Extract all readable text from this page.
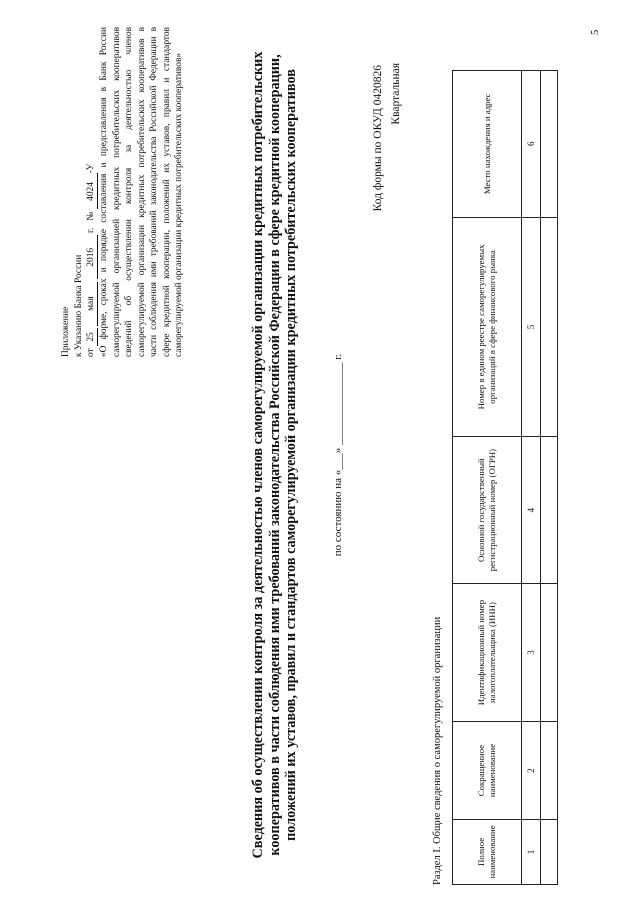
Приложение к Указанию Банка России от 25 мая 2016 г.   № 4024-У «О форме, сроках и порядке составления и представления в Банк России саморегулируемой организацией кредитных потребительских кооперативов сведений об осуществлении контроля за деятельностью членов саморегулируемой организации кредитных потребительских кооперативов в части соблюдения ими требований законодательства Российской Федерации в сфере кредитной кооперации, положений их уставов, правил и стандартов саморегулируемой организации кредитных потребительских кооперативов»	Сведения об осуществлении контроля за деятельностью членов саморегулируемой организации кредитных потребительских кооперативов в части соблюдения ими требований законодательства Российской Федерации в сфере кредитной кооперации, положений их уставов, правил и стандартов саморегулируемой организации кредитных потребительских кооперативов	по состоянию на «___» _______________ г.
Код формы по ОКУД 0420826 Квартальная
Раздел I. Общие сведения о саморегулируемой организации	Полное наименование	Сокращенное наименование	Идентификационный номер налогоплательщика (ИНН)	Основной государственный регистрационный номер (ОГРН)	Номер в едином реестре саморегулируемых организаций в сфере финансового рынка	Место нахождения и адрес
1	2	3	4	5	6

5
